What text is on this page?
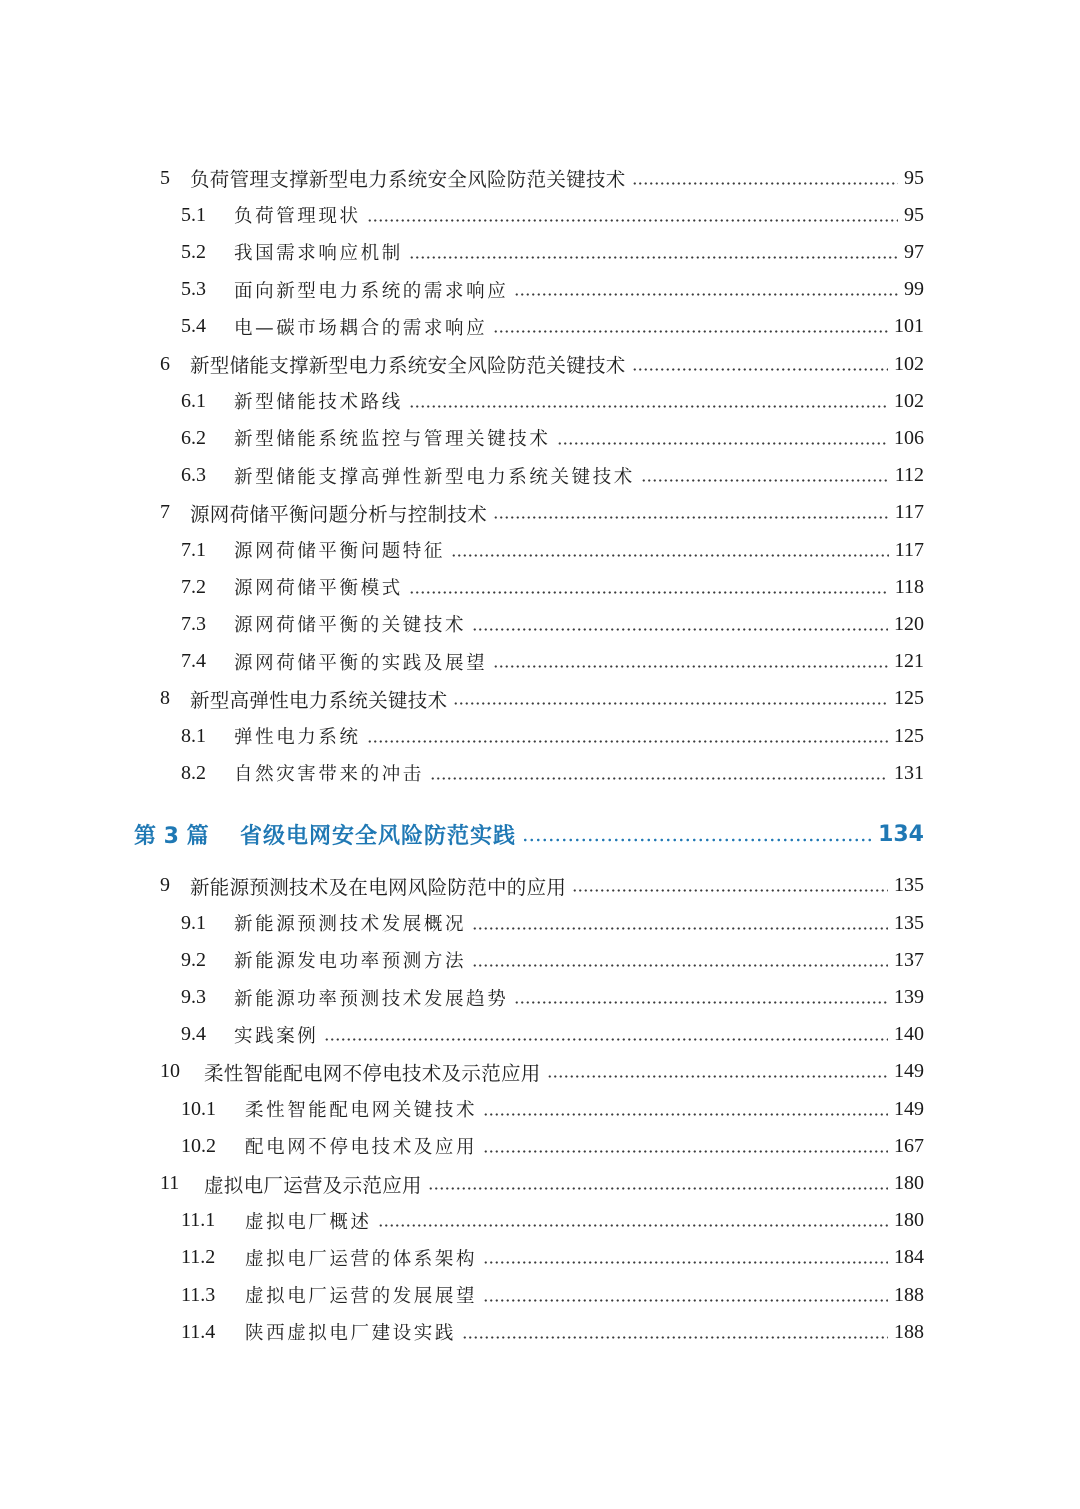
5	负荷管理支撑新型电力系统安全风险防范关键技术	95
5.1	负荷管理现状	95
5.2	我国需求响应机制	97
5.3	面向新型电力系统的需求响应	99
5.4	电—碳市场耦合的需求响应	101
6	新型储能支撑新型电力系统安全风险防范关键技术	102
6.1	新型储能技术路线	102
6.2	新型储能系统监控与管理关键技术	106
6.3	新型储能支撑高弹性新型电力系统关键技术	112
7	源网荷储平衡问题分析与控制技术	117
7.1	源网荷储平衡问题特征	117
7.2	源网荷储平衡模式	118
7.3	源网荷储平衡的关键技术	120
7.4	源网荷储平衡的实践及展望	121
8	新型高弹性电力系统关键技术	125
8.1	弹性电力系统	125
8.2	自然灾害带来的冲击	131
第 3 篇	省级电网安全风险防范实践	134
9	新能源预测技术及在电网风险防范中的应用	135
9.1	新能源预测技术发展概况	135
9.2	新能源发电功率预测方法	137
9.3	新能源功率预测技术发展趋势	139
9.4	实践案例	140
10	柔性智能配电网不停电技术及示范应用	149
10.1	柔性智能配电网关键技术	149
10.2	配电网不停电技术及应用	167
11	虚拟电厂运营及示范应用	180
11.1	虚拟电厂概述	180
11.2	虚拟电厂运营的体系架构	184
11.3	虚拟电厂运营的发展展望	188
11.4	陕西虚拟电厂建设实践	188
